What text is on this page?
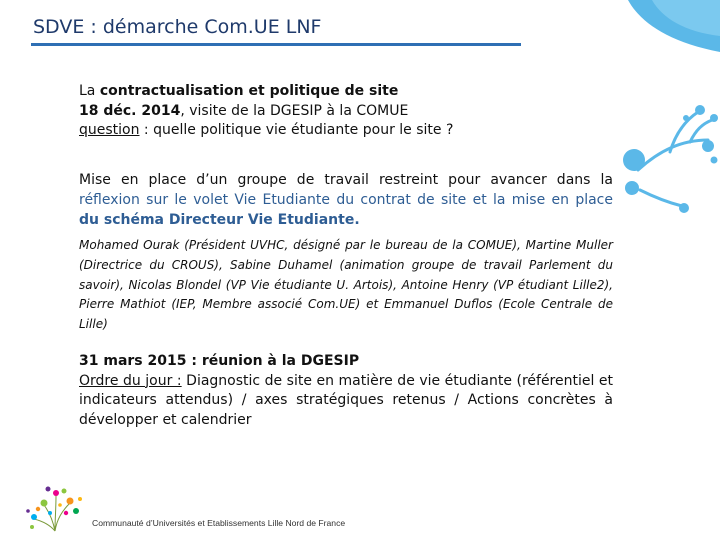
SDVE : démarche Com.UE LNF
La contractualisation et politique de site
18 déc. 2014, visite de la DGESIP à la COMUE
question : quelle politique vie étudiante pour le site ?
Mise en place d’un groupe de travail restreint pour avancer dans la
réflexion sur le volet Vie Etudiante du contrat de site et la mise en place
du schéma Directeur Vie Etudiante.
Mohamed Ourak (Président UVHC, désigné par le bureau de la COMUE), Martine Muller (Directrice du CROUS), Sabine Duhamel (animation groupe de travail Parlement du savoir), Nicolas Blondel (VP Vie étudiante U. Artois), Antoine Henry (VP étudiant Lille2), Pierre Mathiot (IEP, Membre associé Com.UE) et Emmanuel Duflos (Ecole Centrale de Lille)
31 mars 2015 : réunion à la DGESIP
Ordre du jour : Diagnostic de site en matière de vie étudiante (référentiel et indicateurs attendus) / axes stratégiques retenus / Actions concrètes à développer et calendrier
Communauté d’Universités et Etablissements Lille Nord de France
